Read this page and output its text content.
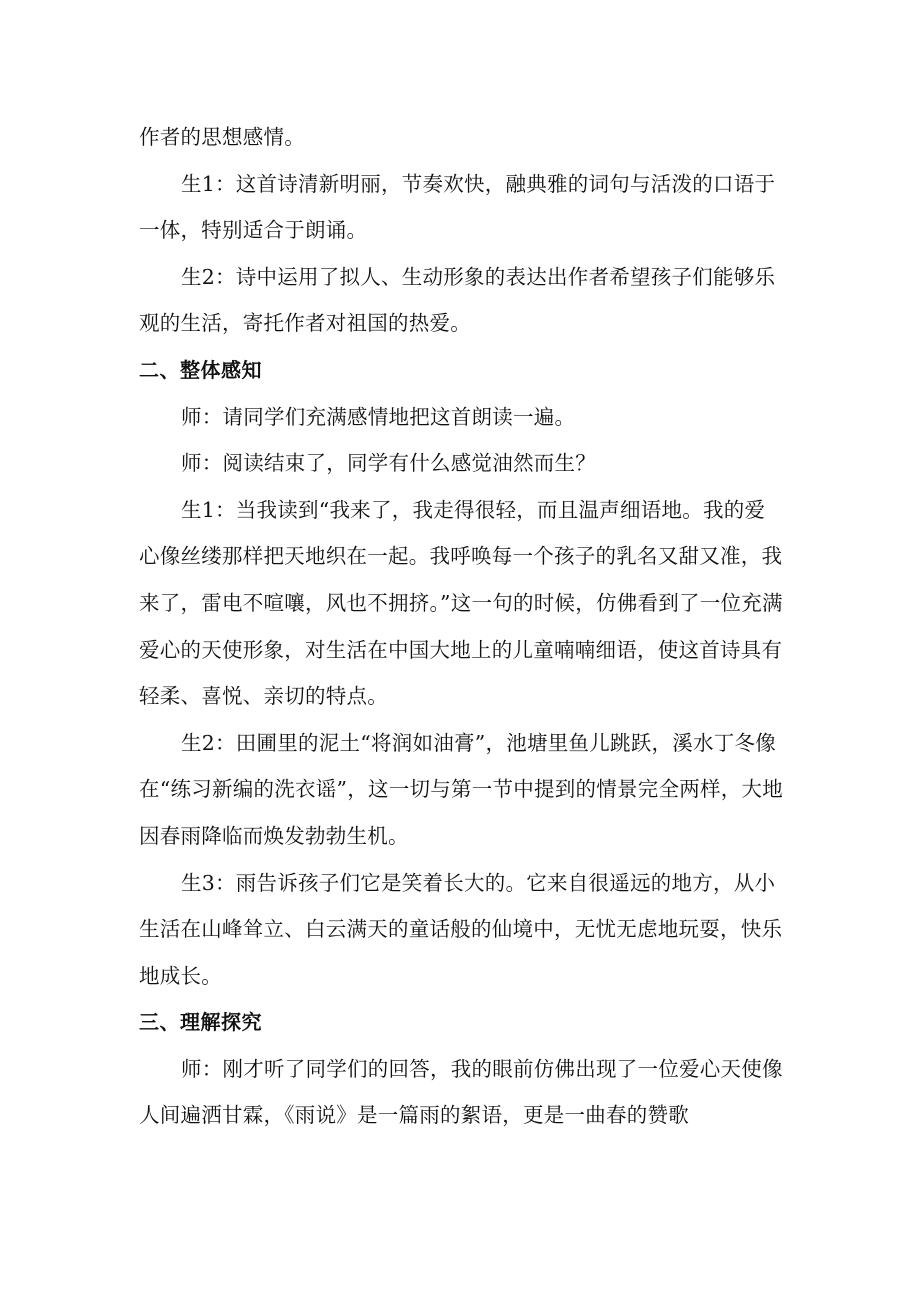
作者的思想感情。

生1：这首诗清新明丽，节奏欢快，融典雅的词句与活泼的口语于一体，特别适合于朗诵。

生2：诗中运用了拟人、生动形象的表达出作者希望孩子们能够乐观的生活，寄托作者对祖国的热爱。

二、整体感知

师：请同学们充满感情地把这首朗读一遍。

师：阅读结束了，同学有什么感觉油然而生？

生1：当我读到“我来了，我走得很轻，而且温声细语地。我的爱心像丝缕那样把天地织在一起。我呼唤每一个孩子的乳名又甜又准，我来了，雷电不喧嚷，风也不拥挤。”这一句的时候，仿佛看到了一位充满爱心的天使形象，对生活在中国大地上的儿童喃喃细语，使这首诗具有轻柔、喜悦、亲切的特点。

生2：田圃里的泥土“将润如油膏”，池塘里鱼儿跳跃，溪水丁冬像在“练习新编的洗衣谣”，这一切与第一节中提到的情景完全两样，大地因春雨降临而焕发勃勃生机。

生3：雨告诉孩子们它是笑着长大的。它来自很遥远的地方，从小生活在山峰耸立、白云满天的童话般的仙境中，无忧无虑地玩耍，快乐地成长。

三、理解探究

师：刚才听了同学们的回答，我的眼前仿佛出现了一位爱心天使像人间遍洒甘霖，《雨说》是一篇雨的絮语，更是一曲春的赞歌
